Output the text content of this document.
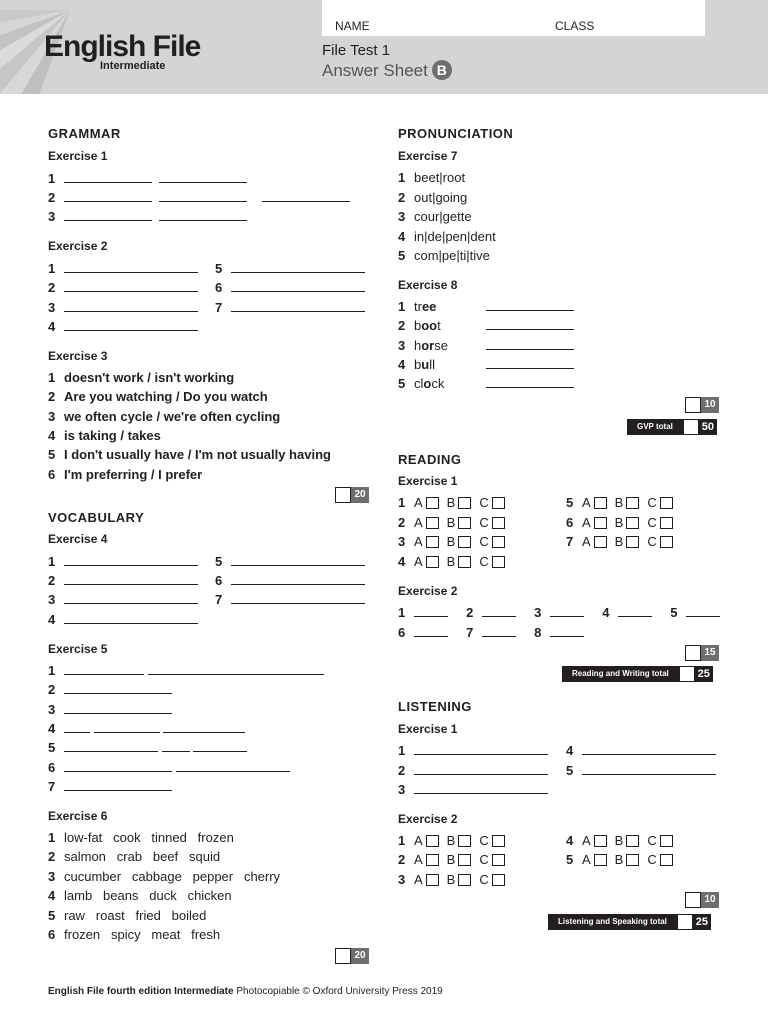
English File
Intermediate
NAME	CLASS
File Test 1
Answer Sheet B
GRAMMAR
Exercise 1
1
2
3
Exercise 2
1
2
3
4
5
6
7
Exercise 3
1 doesn't work / isn't working
2 Are you watching / Do you watch
3 we often cycle / we're often cycling
4 is taking / takes
5 I don't usually have / I'm not usually having
6 I'm preferring / I prefer
20
VOCABULARY
Exercise 4
1
2
3
4
5
6
7
Exercise 5
1
2
3
4
5
6
7
Exercise 6
1 low-fat   cook   tinned   frozen
2 salmon   crab   beef   squid
3 cucumber   cabbage   pepper   cherry
4 lamb   beans   duck   chicken
5 raw   roast   fried   boiled
6 frozen   spicy   meat   fresh
20
PRONUNCIATION
Exercise 7
1 beet|root
2 out|going
3 cour|gette
4 in|de|pen|dent
5 com|pe|ti|tive
Exercise 8
1 tree
2 boot
3 horse
4 bull
5 clock
10
GVP total	50
READING
Exercise 1
1 A B C
2 A B C
3 A B C
4 A B C
5 A B C
6 A B C
7 A B C
Exercise 2
1	2	3	4	5
6	7	8
15
Reading and Writing total	25
LISTENING
Exercise 1
1
2
3
4
5
Exercise 2
1 A B C
2 A B C
3 A B C
4 A B C
5 A B C
10
Listening and Speaking total	25
English File fourth edition Intermediate Photocopiable © Oxford University Press 2019
